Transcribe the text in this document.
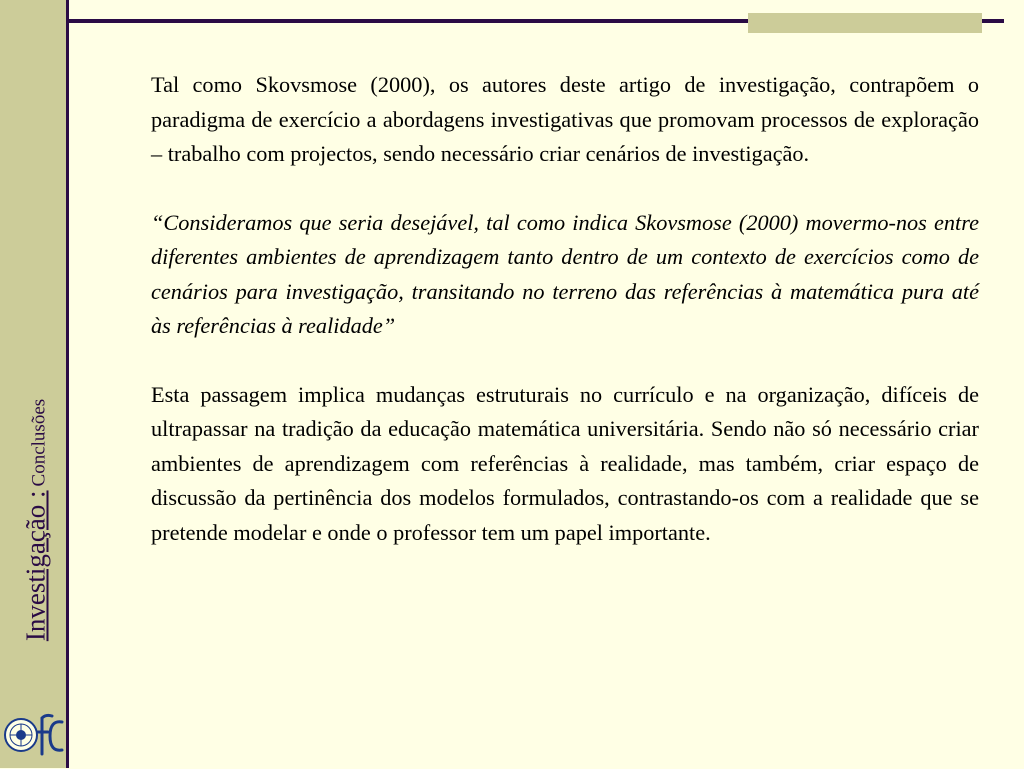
Investigação : Conclusões

Tal como Skovsmose (2000), os autores deste artigo de investigação, contrapõem o paradigma de exercício a abordagens investigativas que promovam processos de exploração – trabalho com projectos, sendo necessário criar cenários de investigação.

“Consideramos que seria desejável, tal como indica Skovsmose (2000) movermo-nos entre diferentes ambientes de aprendizagem tanto dentro de um contexto de exercícios como de cenários para investigação, transitando no terreno das referências à matemática pura até às referências à realidade”

Esta passagem implica mudanças estruturais no currículo e na organização, difíceis de ultrapassar na tradição da educação matemática universitária. Sendo não só necessário criar ambientes de aprendizagem com referências à realidade, mas também, criar espaço de discussão da pertinência dos modelos formulados, contrastando-os com a realidade que se pretende modelar e onde o professor tem um papel importante.
